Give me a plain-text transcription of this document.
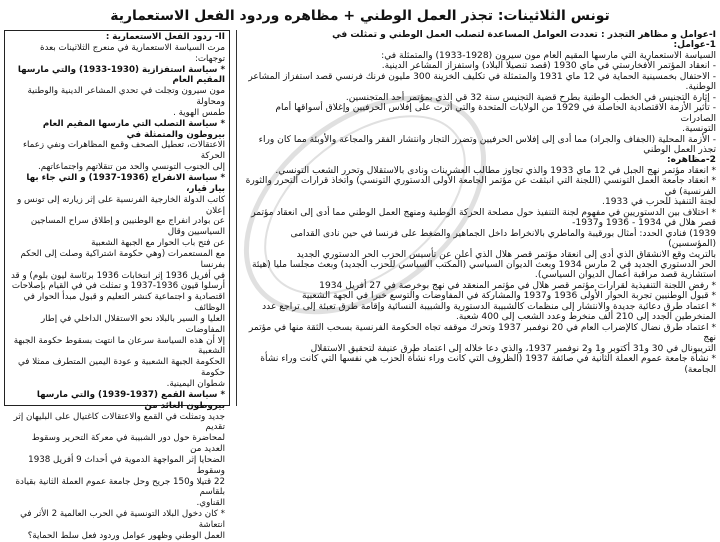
تونس الثلاثينات: تجذر العمل الوطني + مظاهره وردود الفعل الاستعمارية

I-عوامل و مظاهر التجذر : تعددت العوامل المساعدة لتصلب العمل الوطني و تمثلت في

1-عوامل:

السياسة الاستعمارية التي مارسها المقيم العام مون سيرون (1928-1933) والمتمثلة في:

- انعقاد المؤتمر الأفخارستي في ماي 1930 (قصد تنصيلا البلاد) واستفزاز المشاعر الدينية.

- الاحتفال بخمسينية الحماية في 12 ماي 1931 والمتمثلة في تكليف الخزينة 300 مليون فرنك فرنسي قصد استفزاز المشاعر

الوطنية.

- إثارة التجنيس في الخطب الوطنية بطرح قضية التجنيس سنة 32 قي الذي بمؤتمر أحد المتجنسين.

- تأثير الأزمة الاقتصادية الحاصلة في 1929 من الولايات المتحدة والتي أثرت على إفلاس الحرفيين وإغلاق أسواقها أمام الصادرات

التونسية.

- الأزمة المحلية (الجفاف والجراد) مما أدى إلى إفلاس الحرفيين وتضرر التجار وانتشار الفقر والمجاعة والأوبئة مما كان وراء

تجذر العمل الوطني

2-مظاهره:

* انعقاد مؤتمر نهج الجبل في 12 ماي 1933 والذي تجاوز مطالب العشرينات ونادى بالاستقلال وتحرر الشعب التونسي.

* انعقاد جامعة العمل التونسي (اللجنة التي انبثقت عن مؤتمر الجامعة الأولى الدستوري التونسي) واتخاذ قرارات التحرر والثورة الفرنسية) في

لجنة التنفيذ للحزب في 1933.

* اختلاف بين الدستوريين في مفهوم لجنة التنفيذ حول مصلحة الحركة الوطنية ومنهج العمل الوطني مما أدى إلى انعقاد مؤتمر قصر هلال في 1934 - 1936 و1937-

1939) فنادي الحدد: أمثال بورقيبة والماطري بالانخراط داخل الجماهير والضغط على فرنسا في حين نادى القدامى (المؤسسين)

بالتريث وقع الانشقاق الذي أدى إلى انعقاد مؤتمر قصر هلال الذي أعلن عن تأسيس الحزب الحر الدستوري الجديد

الحر الدستوري الجديد في 2 مارس 1934 وبعث الديوان السياسي (المكتب السياسي للحزب الجديد) وبعث مجلسا مليا (هيئة

استشارية قصد مراقبة أعمال الديوان السياسي).

* رفض اللجنة التنفيذية لقرارات مؤتمر قصر هلال في مؤتمر المنعقد في نهج بوخرصة في 27 أفريل 1934

* قبول الوطنيين تجربة الحوار الأولى 1936 و1937 والمشاركة في المفاوضات والتوسع خبرا في الجهة الشعبية

* اعتماد طرق دعائية جديدة والانتشار إلى منظمات كالشبيبة الدستورية والشبيبة النسائية وإقامة طرق تعبئة إلى تراجع عدد

المنخرطين الجدد إلى 210 ألف منخرط وعدد الشعب إلى 400 شعبة.

* اعتماد طرق نضال كالإضراب العام في 20 نوفمبر 1937 وتحرك موقفه تجاه الحكومة الفرنسية بسحب الثقة منها في مؤتمر نهج

التريبونال في 30 و31 أكتوبر و1 و2 نوفمبر 1937، والذي دعا خلاله إلى اعتماد طرق عنيفة لتحقيق الاستقلال

* نشأة جامعة عموم العملة الثانية في صائفة 1937 (الظروف التي كانت وراء نشأة الحزب هي نفسها التي كانت وراء نشأة

الجامعة)

II- ردود الفعل الاستعمارية :

مرت السياسة الاستعمارية في منعرج الثلاثينات بعدة توجهات:

* سياسة استفزازية (1930-1933) والتي مارسها المقيم العام

مون سيرون وتجلت في تحدي المشاعر الدينية والوطنية ومحاولة

طمس الهوية .

* سياسة التصلب التي مارسها المقيم العام بيروطون والمتمثلة في

الاعتقالات، تعطيل الصحف وقمع المظاهرات ونفي زعماء الحركة

إلى الجنوب التونسي والحد من تنقلاتهم واجتماعاتهم.

* سياسة الانفراج (1936-1937) و التي جاء بها بيار قيار،

كاتب الدولة الخارجية الفرنسية على إثر زيارته إلى تونس و إعلان

عن بوادر انفراج مع الوطنيين و إطلاق سراح المساجين السياسيين وقال

عن فتح باب الحوار مع الجبهة الشعبية

مع المستعمرات (وهي حكومة اشتراكية وصلت إلى الحكم بفرنسا

في أفريل 1936 إثر انتخابات 1936 برئاسة ليون بلوم) و قد

أرسلوا قيون 1936-1937 و تمثلت في في القيام بإصلاحات

اقتصادية و اجتماعية كنشر التعليم و قبول مبدأ الحوار في الوظائف

العليا و السير بالبلاد نحو الاستقلال الداخلي في إطار المفاوضات

إلا أن هذه السياسة سرعان ما انتهت بسقوط حكومة الجبهة الشعبية

الحكومة الجبهة الشعبية و عودة اليمين المتطرف ممثلا في حكومة

شطوان اليمينية.

* سياسة القمع (1937-1939) والتي مارسها بيروطون العائد من

جديد وتمثلت في القمع والاعتقالات كاغتيال على البليهان إثر تقديم

لمحاضرة حول دور الشبيبة في معركة التحرير وسقوط العديد من

الضحايا إثر المواجهة الدموية في أحداث 9 أفريل 1938 وسقوط

22 قتيلا و150 جريح وحل جامعة عموم العملة الثانية بقيادة بلقاسم

القناوي.

* كان دخول البلاد التونسية في الحرب العالمية 2 الأثر في انتعاشة

العمل الوطني وظهور عوامل وردود فعل سلط الحماية؟
